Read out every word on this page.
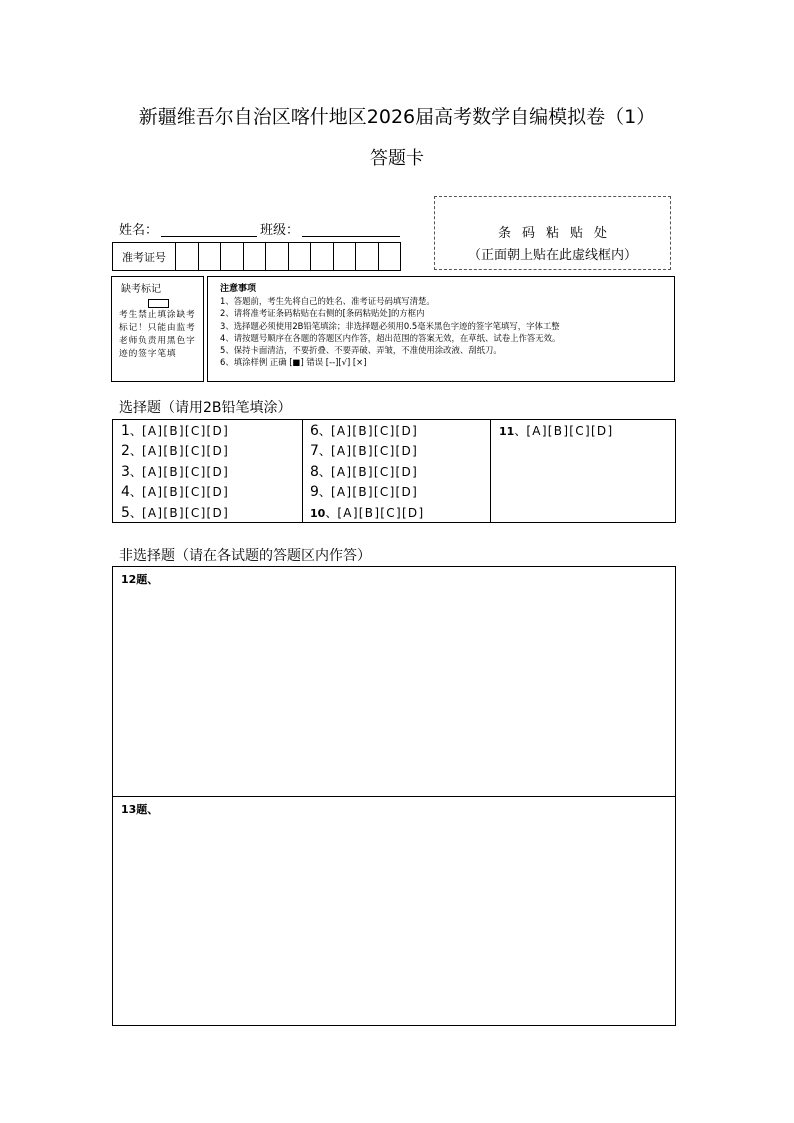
新疆维吾尔自治区喀什地区2026届高考数学自编模拟卷（1）
答题卡
姓名：	班级：
准考证号
条码粘贴处
（正面朝上贴在此虚线框内）
缺考标记
考生禁止填涂缺考标记！只能由监考老师负责用黑色字迹的签字笔填
注意事项
1、答题前，考生先将自己的姓名、准考证号码填写清楚。
2、请将准考证条码粘贴在右侧的[条码粘贴处]的方框内
3、选择题必须使用2B铅笔填涂；非选择题必须用0.5毫米黑色字迹的签字笔填写，字体工整
4、请按题号顺序在各题的答题区内作答，超出范围的答案无效，在草纸、试卷上作答无效。
5、保持卡面清洁，不要折叠、不要弄破、弄皱，不准使用涂改液、刮纸刀。
6、填涂样例 正确 [■] 错误 [--][√] [×]
选择题（请用2B铅笔填涂）
1、[A][B][C][D]
2、[A][B][C][D]
3、[A][B][C][D]
4、[A][B][C][D]
5、[A][B][C][D]
6、[A][B][C][D]
7、[A][B][C][D]
8、[A][B][C][D]
9、[A][B][C][D]
10、[A][B][C][D]
11、[A][B][C][D]
非选择题（请在各试题的答题区内作答）
12题、
13题、
